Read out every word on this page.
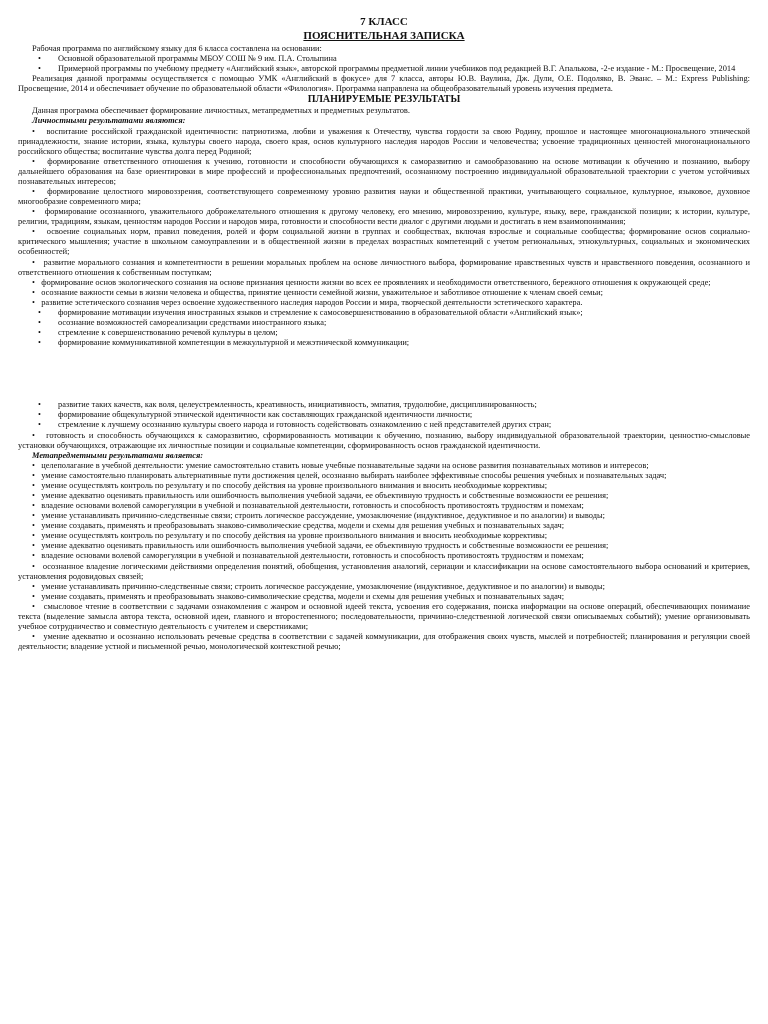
7 КЛАСС

ПОЯСНИТЕЛЬНАЯ ЗАПИСКА

Рабочая программа по английскому языку для 6 класса составлена на основании:

• Основной образовательной программы МБОУ СОШ № 9 им. П.А. Столыпина
• Примерной программы по учебному предмету «Английский язык», авторской программы предметной линии учебников под редакцией В.Г. Апалькова, -2-е издание - М.: Просвещение, 2014

Реализация данной программы осуществляется с помощью УМК «Английский в фокусе» для 7 класса, авторы Ю.В. Ваулина, Дж. Дули, О.Е. Подоляко, В. Эванс. – М.: Express Publishing: Просвещение, 2014 и обеспечивает обучение по образовательной области «Филология». Программа направлена на общеобразовательный уровень изучения предмета.

ПЛАНИРУЕМЫЕ РЕЗУЛЬТАТЫ

Данная программа обеспечивает формирование личностных, метапредметных и предметных результатов.

Личностными результатами являются:

•   воспитание российской гражданской идентичности: патриотизма, любви и уважения к Отечеству, чувства гордости за свою Родину, прошлое и настоящее многонационального этнической принадлежности, знание истории, языка, культуры своего народа, своего края, основ культурного наследия народов России и человечества; усвоение традиционных ценностей многонационального российского общества; воспитание чувства долга перед Родиной;
•   формирование ответственного отношения к учению, готовности и способности обучающихся к саморазвитию и самообразованию на основе мотивации к обучению и познанию, выбору дальнейшего образования на базе ориентировки в мире профессий и профессиональных предпочтений, осознанному построению индивидуальной образовательной траектории с учетом устойчивых познавательных интересов;
•   формирование целостного мировоззрения, соответствующего современному уровню развития науки и общественной практики, учитывающего социальное, культурное, языковое, духовное многообразие современного мира;
•   формирование осознанного, уважительного доброжелательного отношения к другому человеку, его мнению, мировоззрению, культуре, языку, вере, гражданской позиции; к истории, культуре, религии, традициям, языкам, ценностям народов России и народов мира, готовности и способности вести диалог с другими людьми и достигать в нем взаимопонимания;
•   освоение социальных норм, правил поведения, ролей и форм социальной жизни в группах и сообществах, включая взрослые и социальные сообщества; формирование основ социально-критического мышления; участие в школьном самоуправлении и в общественной жизни в пределах возрастных компетенций с учетом региональных, этнокультурных, социальных и экономических особенностей;
•   развитие морального сознания и компетентности в решении моральных проблем на основе личностного выбора, формирование нравственных чувств и нравственного поведения, осознанного и ответственного отношения к собственным поступкам;
•   формирование основ экологического сознания на основе признания ценности жизни во всех ее проявлениях и необходимости ответственного, бережного отношения к окружающей среде;
•   осознание важности семьи в жизни человека и общества, принятие ценности семейной жизни, уважительное и заботливое отношение к членам своей семьи;
•   развитие эстетического сознания через освоение художественного наследия народов России и мира, творческой деятельности эстетического характера.
• формирование мотивации изучения иностранных языков и стремление к самосовершенствованию в образовательной области «Английский язык»;
• осознание возможностей самореализации средствами иностранного языка;
• стремление к совершенствованию речевой культуры в целом;
• формирование коммуникативной компетенции в межкультурной и межэтнической коммуникации;
• развитие таких качеств, как воля, целеустремленность, креативность, инициативность, эмпатия, трудолюбие, дисциплинированность;
• формирование общекультурной этнической идентичности как составляющих гражданской идентичности личности;
• стремление к лучшему осознанию культуры своего народа и готовность содействовать ознакомлению с ней представителей других стран;
•   готовность и способность обучающихся к саморазвитию, сформированность мотивации к обучению, познанию, выбору индивидуальной образовательной траектории, ценностно-смысловые установки обучающихся, отражающие их личностные позиции и социальные компетенции, сформированность основ гражданской идентичности.

Метапредметными результатами является:

•   целеполагание в учебной деятельности: умение самостоятельно ставить новые учебные познавательные задачи на основе развития познавательных мотивов и интересов;
•   умение самостоятельно планировать альтернативные пути достижения целей, осознанно выбирать наиболее эффективные способы решения учебных и познавательных задач;
•   умение осуществлять контроль по результату и по способу действия на уровне произвольного внимания и вносить необходимые коррективы;
•   умение адекватно оценивать правильность или ошибочность выполнения учебной задачи, ее объективную трудность и собственные возможности ее решения;
•   владение основами волевой саморегуляции в учебной и познавательной деятельности, готовность и способность противостоять трудностям и помехам;
•   умение устанавливать причинно-следственные связи; строить логическое рассуждение, умозаключение (индуктивное, дедуктивное и по аналогии) и выводы;
•   умение создавать, применять и преобразовывать знаково-символические средства, модели и схемы для решения учебных и познавательных задач;
•   умение осуществлять контроль по результату и по способу действия на уровне произвольного внимания и вносить необходимые коррективы;
•   умение адекватно оценивать правильность или ошибочность выполнения учебной задачи, ее объективную трудность и собственные возможности ее решения;
•   владение основами волевой саморегуляции в учебной и познавательной деятельности, готовность и способность противостоять трудностям и помехам;
•   осознанное владение логическими действиями определения понятий, обобщения, установления аналогий, сериации и классификации на основе самостоятельного выбора оснований и критериев, установления родовидовых связей;
•   умение устанавливать причинно-следственные связи; строить логическое рассуждение, умозаключение (индуктивное, дедуктивное и по аналогии) и выводы;
•   умение создавать, применять и преобразовывать знаково-символические средства, модели и схемы для решения учебных и познавательных задач;
•   смысловое чтение в соответствии с задачами ознакомления с жанром и основной идеей текста, усвоения его содержания, поиска информации на основе операций, обеспечивающих понимание текста (выделение замысла автора текста, основной идеи, главного и второстепенного; последовательности, причинно-следственной логической связи описываемых событий); умение организовывать учебное сотрудничество и совместную деятельность с учителем и сверстниками;
•   умение адекватно и осознанно использовать речевые средства в соответствии с задачей коммуникации, для отображения своих чувств, мыслей и потребностей; планирования и регуляции своей деятельности; владение устной и письменной речью, монологической контекстной речью;
